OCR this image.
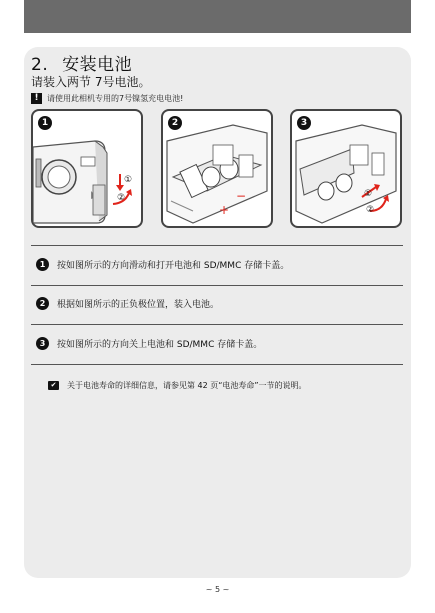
2. 安装电池
请装入两节 7号电池。
!	请使用此相机专用的7号镍氢充电电池!
1
①
②
2
−
+
3
①
②
1	按如图所示的方向滑动和打开电池和 SD/MMC 存储卡盖。
2	根据如图所示的正负极位置，装入电池。
3	按如图所示的方向关上电池和 SD/MMC 存储卡盖。
✔	关于电池寿命的详细信息，请参见第 42 页“电池寿命”一节的说明。
~ 5 ~
